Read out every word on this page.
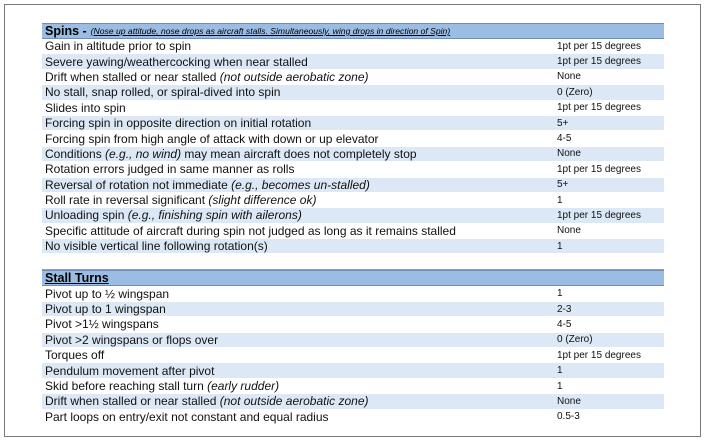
Spins - (Nose up attitude, nose drops as aircraft stalls. Simultaneously, wing drops in direction of Spin)
Gain in altitude prior to spin	1pt per 15 degrees
Severe yawing/weathercocking when near stalled	1pt per 15 degrees
Drift when stalled or near stalled (not outside aerobatic zone)	None
No stall, snap rolled, or spiral-dived into spin	0 (Zero)
Slides into spin	1pt per 15 degrees
Forcing spin in opposite direction on initial rotation	5+
Forcing spin from high angle of attack with down or up elevator	4-5
Conditions (e.g., no wind) may mean aircraft does not completely stop	None
Rotation errors judged in same manner as rolls	1pt per 15 degrees
Reversal of rotation not immediate (e.g., becomes un-stalled)	5+
Roll rate in reversal significant (slight difference ok)	1
Unloading spin (e.g., finishing spin with ailerons)	1pt per 15 degrees
Specific attitude of aircraft during spin not judged as long as it remains stalled	None
No visible vertical line following rotation(s)	1
Stall Turns
Pivot up to ½ wingspan	1
Pivot up to 1 wingspan	2-3
Pivot >1½ wingspans	4-5
Pivot >2 wingspans or flops over	0 (Zero)
Torques off	1pt per 15 degrees
Pendulum movement after pivot	1
Skid before reaching stall turn (early rudder)	1
Drift when stalled or near stalled (not outside aerobatic zone)	None
Part loops on entry/exit not constant and equal radius	0.5-3
